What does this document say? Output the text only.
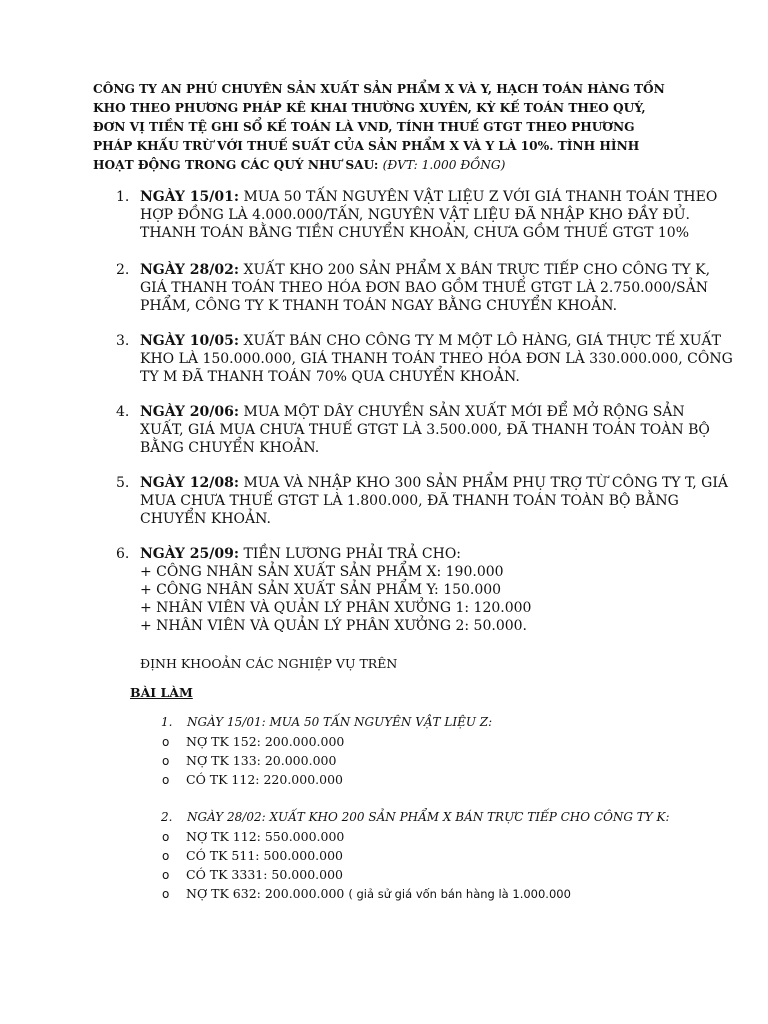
CÔNG TY AN PHÚ CHUYÊN SẢN XUẤT SẢN PHẨM X VÀ Y, HẠCH TOÁN HÀNG TỒN KHO THEO PHƯƠNG PHÁP KÊ KHAI THƯỜNG XUYÊN, KỲ KẾ TOÁN THEO QUÝ, ĐƠN VỊ TIỀN TỆ GHI SỔ KẾ TOÁN LÀ VND, TÍNH THUẾ GTGT THEO PHƯƠNG PHÁP KHẤU TRỪ VỚI THUẾ SUẤT CỦA SẢN PHẨM X VÀ Y LÀ 10%. TÌNH HÌNH HOẠT ĐỘNG TRONG CÁC QUÝ NHƯ SAU: (ĐVT: 1.000 ĐỒNG)

1. NGÀY 15/01: MUA 50 TẤN NGUYÊN VẬT LIỆU Z VỚI GIÁ THANH TOÁN THEO
HỢP ĐỒNG LÀ 4.000.000/TẤN, NGUYÊN VẬT LIỆU ĐÃ NHẬP KHO ĐẦY ĐỦ.
THANH TOÁN BẰNG TIỀN CHUYỂN KHOẢN, CHƯA GỒM THUẾ GTGT 10%
2. NGÀY 28/02: XUẤT KHO 200 SẢN PHẨM X BÁN TRỰC TIẾP CHO CÔNG TY K,
GIÁ THANH TOÁN THEO HÓA ĐƠN BAO GỒM THUẾ GTGT LÀ 2.750.000/SẢN
PHẨM, CÔNG TY K THANH TOÁN NGAY BẰNG CHUYỂN KHOẢN.
3. NGÀY 10/05: XUẤT BÁN CHO CÔNG TY M MỘT LÔ HÀNG, GIÁ THỰC TẾ XUẤT
KHO LÀ 150.000.000, GIÁ THANH TOÁN THEO HÓA ĐƠN LÀ 330.000.000, CÔNG
TY M ĐÃ THANH TOÁN 70% QUA CHUYỂN KHOẢN.
4. NGÀY 20/06: MUA MỘT DÂY CHUYỀN SẢN XUẤT MỚI ĐỂ MỞ RỘNG SẢN
XUẤT, GIÁ MUA CHƯA THUẾ GTGT LÀ 3.500.000, ĐÃ THANH TOÁN TOÀN BỘ
BẰNG CHUYỂN KHOẢN.
5. NGÀY 12/08: MUA VÀ NHẬP KHO 300 SẢN PHẨM PHỤ TRỢ TỪ CÔNG TY T, GIÁ
MUA CHƯA THUẾ GTGT LÀ 1.800.000, ĐÃ THANH TOÁN TOÀN BỘ BẰNG
CHUYỂN KHOẢN.
6. NGÀY 25/09: TIỀN LƯƠNG PHẢI TRẢ CHO:
+ CÔNG NHÂN SẢN XUẤT SẢN PHẨM X: 190.000
+ CÔNG NHÂN SẢN XUẤT SẢN PHẨM Y: 150.000
+ NHÂN VIÊN VÀ QUẢN LÝ PHÂN XƯỞNG 1: 120.000
+ NHÂN VIÊN VÀ QUẢN LÝ PHÂN XƯỞNG 2: 50.000.

ĐỊNH KHOOẢN CÁC NGHIỆP VỤ TRÊN

BÀI LÀM

1. NGÀY 15/01: MUA 50 TẤN NGUYÊN VẬT LIỆU Z:

o NỢ TK 152: 200.000.000

o NỢ TK 133: 20.000.000

o CÓ TK 112: 220.000.000

2. NGÀY 28/02: XUẤT KHO 200 SẢN PHẨM X BÁN TRỰC TIẾP CHO CÔNG TY K:

o NỢ TK 112: 550.000.000

o CÓ TK 511: 500.000.000

o CÓ TK 3331: 50.000.000

o NỢ TK 632: 200.000.000 ( giả sử giá vốn bán hàng là 1.000.000
